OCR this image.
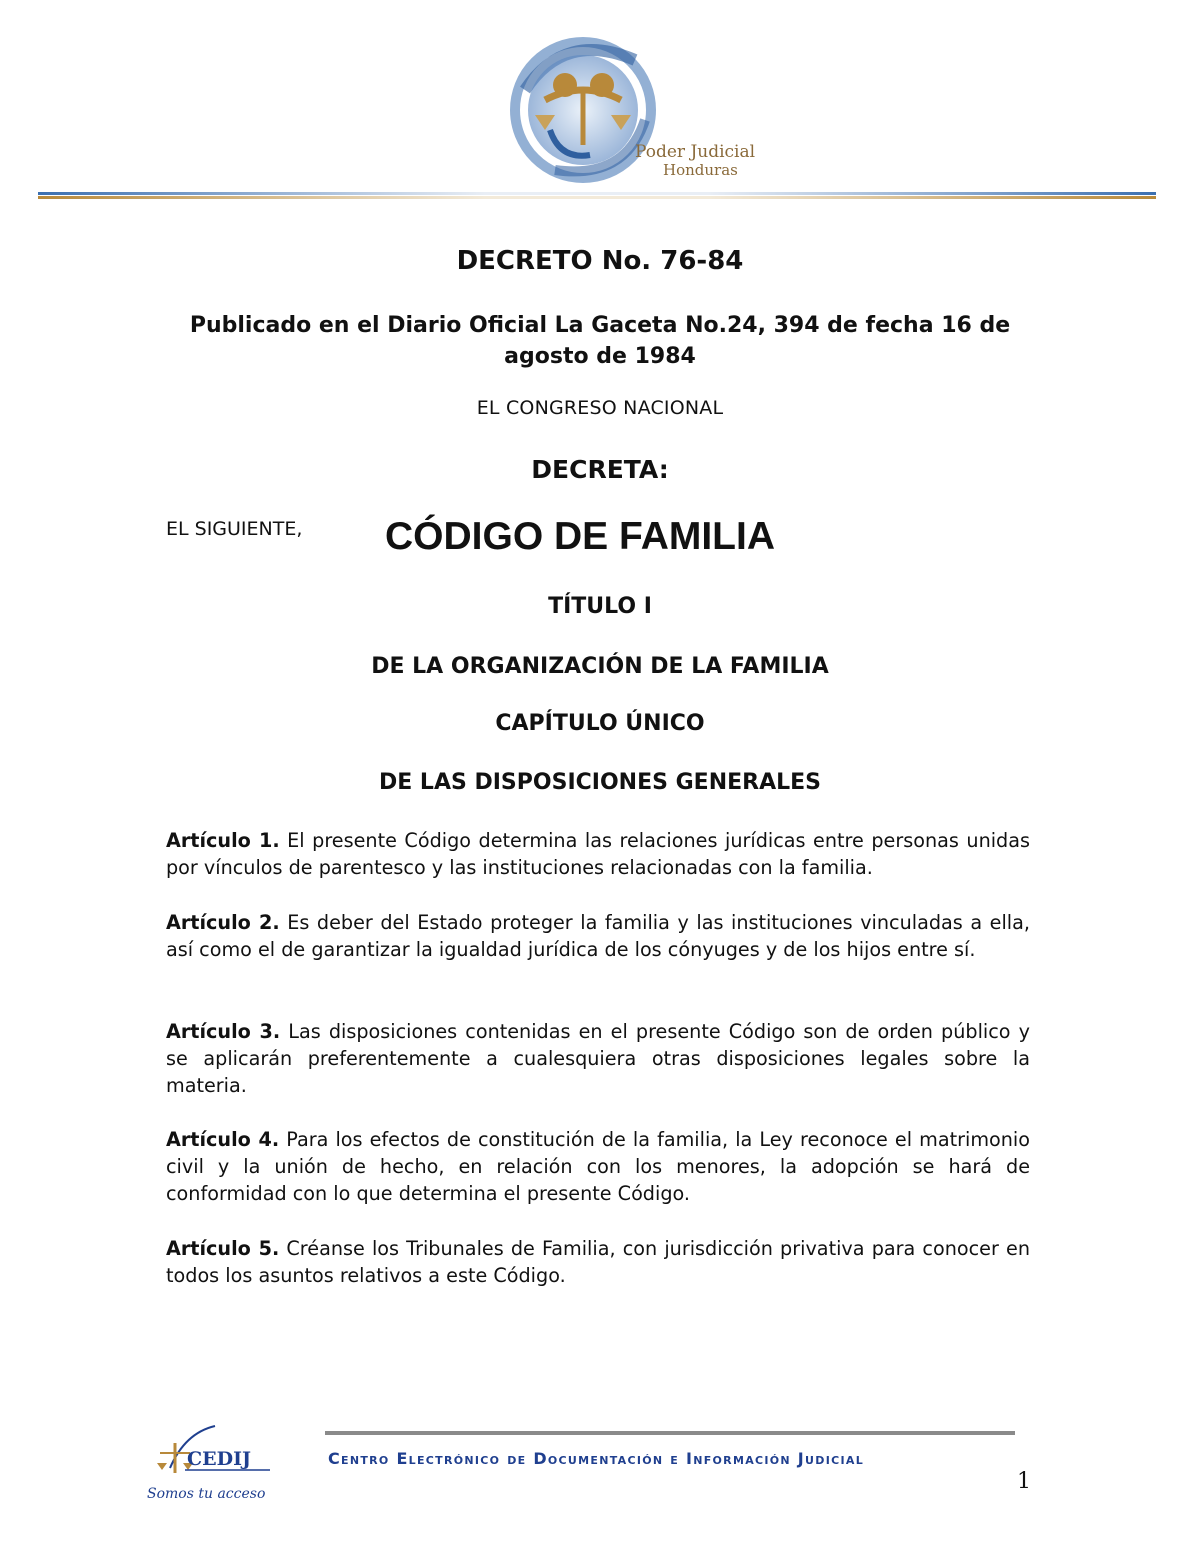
Poder Judicial
Honduras
DECRETO No. 76-84
Publicado en el Diario Oficial La Gaceta No.24, 394 de fecha 16 de agosto de 1984
EL CONGRESO NACIONAL
DECRETA:
EL SIGUIENTE, CÓDIGO DE FAMILIA
TÍTULO I
DE LA ORGANIZACIÓN DE LA FAMILIA
CAPÍTULO ÚNICO
DE LAS DISPOSICIONES GENERALES
Artículo 1. El presente Código determina las relaciones jurídicas entre personas unidas por vínculos de parentesco y las instituciones relacionadas con la familia.
Artículo 2. Es deber del Estado proteger la familia y las instituciones vinculadas a ella, así como el de garantizar la igualdad jurídica de los cónyuges y de los hijos entre sí.
Artículo 3. Las disposiciones contenidas en el presente Código son de orden público y se aplicarán preferentemente a cualesquiera otras disposiciones legales sobre la materia.
Artículo 4. Para los efectos de constitución de la familia, la Ley reconoce el matrimonio civil y la unión de hecho, en relación con los menores, la adopción se hará de conformidad con lo que determina el presente Código.
Artículo 5. Créanse los Tribunales de Familia, con jurisdicción privativa para conocer en todos los asuntos relativos a este Código.
CEDIJ
Somos tu acceso
Centro Electrónico de Documentación e Información Judicial
1
